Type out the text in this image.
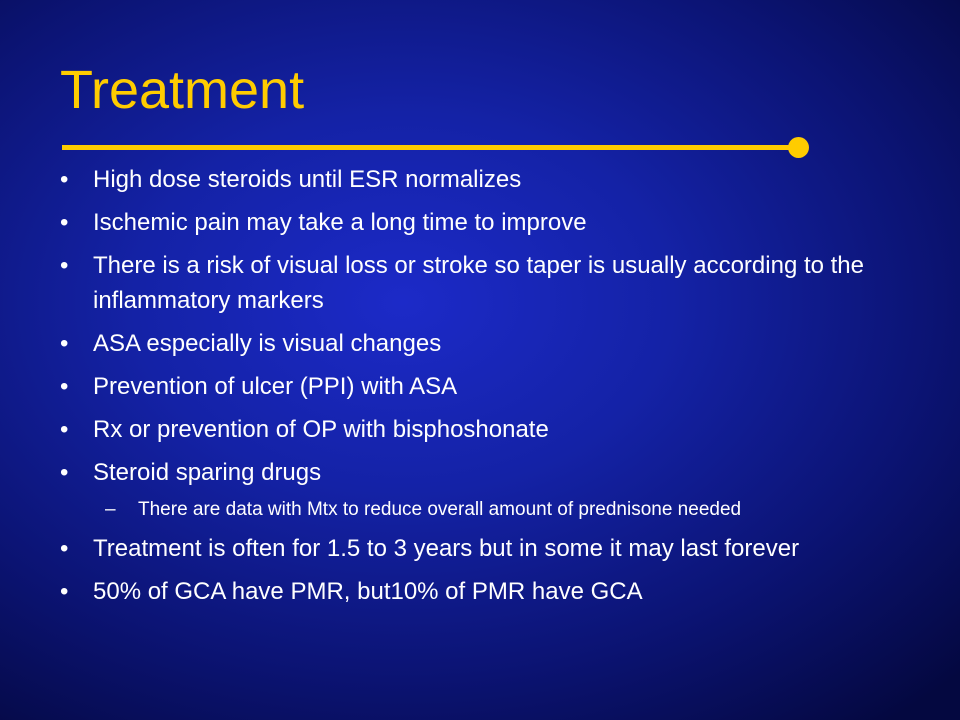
Treatment
• High dose steroids until ESR normalizes
• Ischemic pain may take a long time to improve
• There is a risk of visual loss or stroke so taper is usually according to the inflammatory markers
• ASA especially is visual changes
• Prevention of ulcer (PPI) with ASA
• Rx or prevention of OP with bisphoshonate
• Steroid sparing drugs
– There are data with Mtx to reduce overall amount of prednisone needed
• Treatment is often for 1.5 to 3 years but in some it may last forever
• 50% of GCA have PMR, but10% of PMR have GCA
